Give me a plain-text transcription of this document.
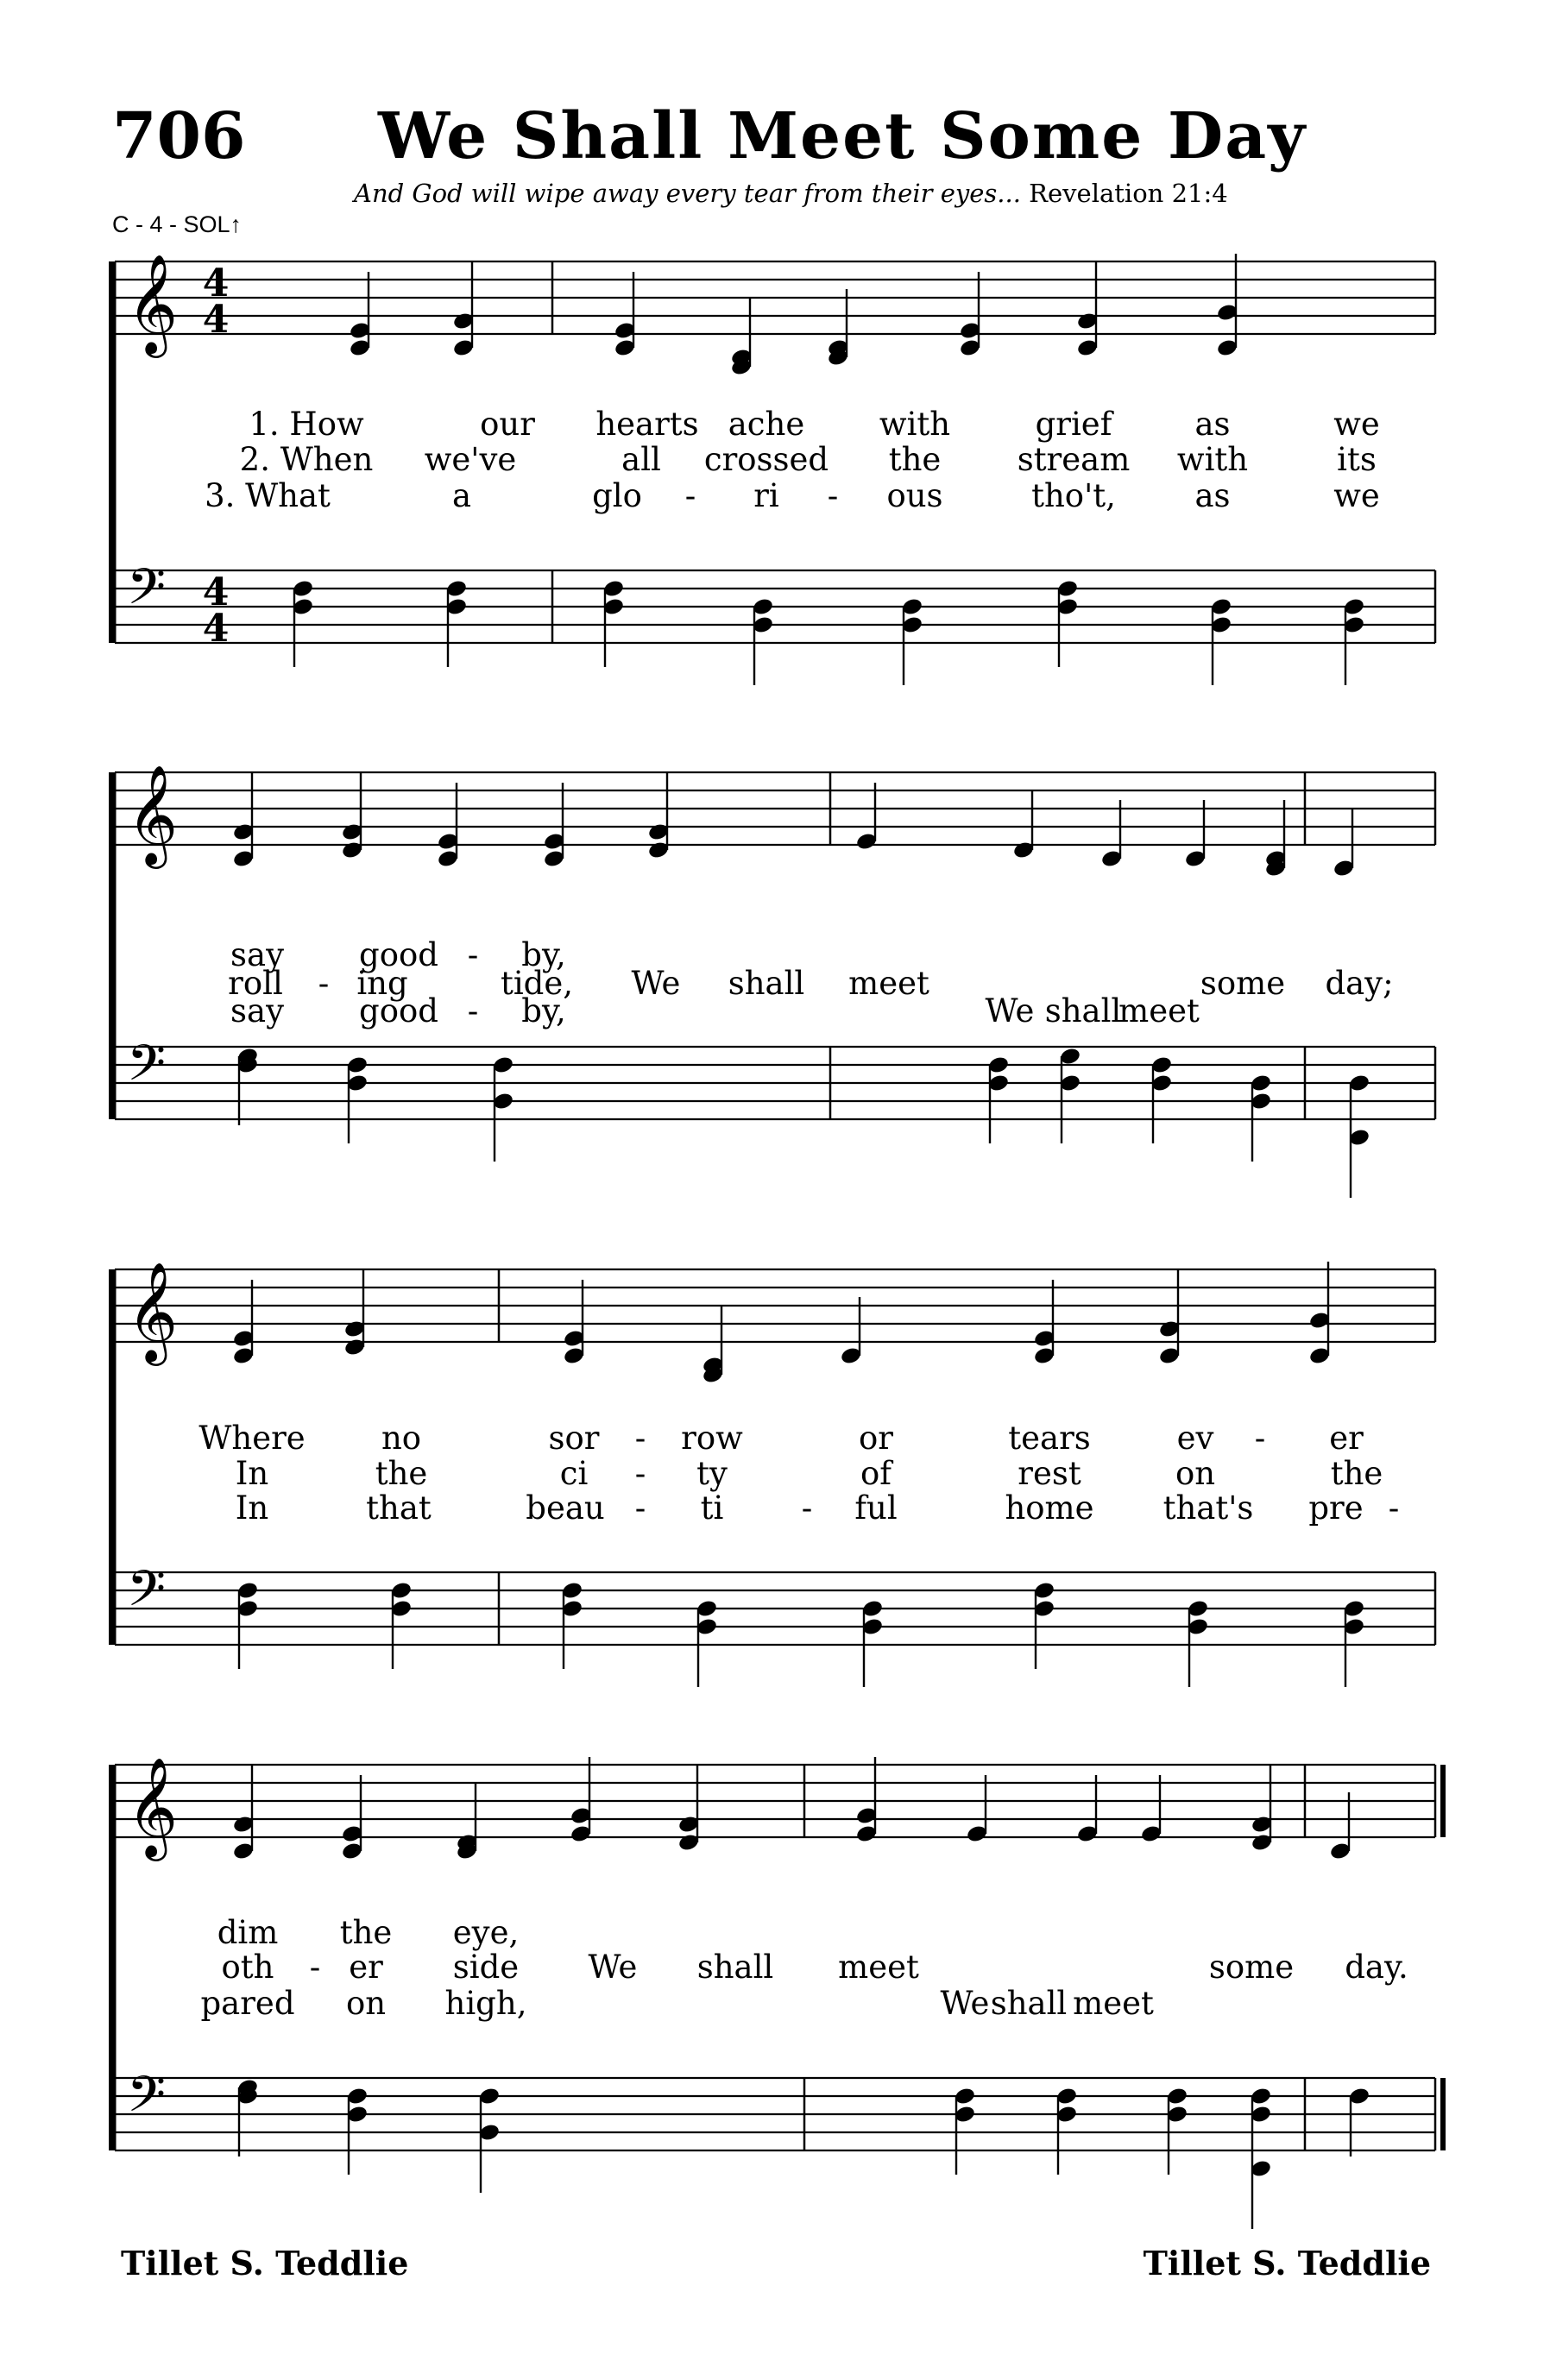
706 We Shall Meet Some Day
And God will wipe away every tear from their eyes... Revelation 21:4
C - 4 - SOL↑
𝄞
𝄢
4
4
4
4
𝄞
𝄢
𝄞
𝄢
𝄞
𝄢
1. How	our hearts ache with	grief	as	we
2. When we've	all crossed the stream with	its
3. What	a	glo - ri - ous	tho't, as	we
say good - by,
roll - ing	tide, We shall meet	some day;
say good - by,	We shall
meet
Where no	sor - row	or	tears	ev - er
In	the	ci - ty	of	rest	on	the
In	that	beau - ti - ful	home that's pre -
dim the eye,
oth - er side We shall meet	some day.
pared on high,	We shall meet
Tillet S. Teddlie	Tillet S. Teddlie
